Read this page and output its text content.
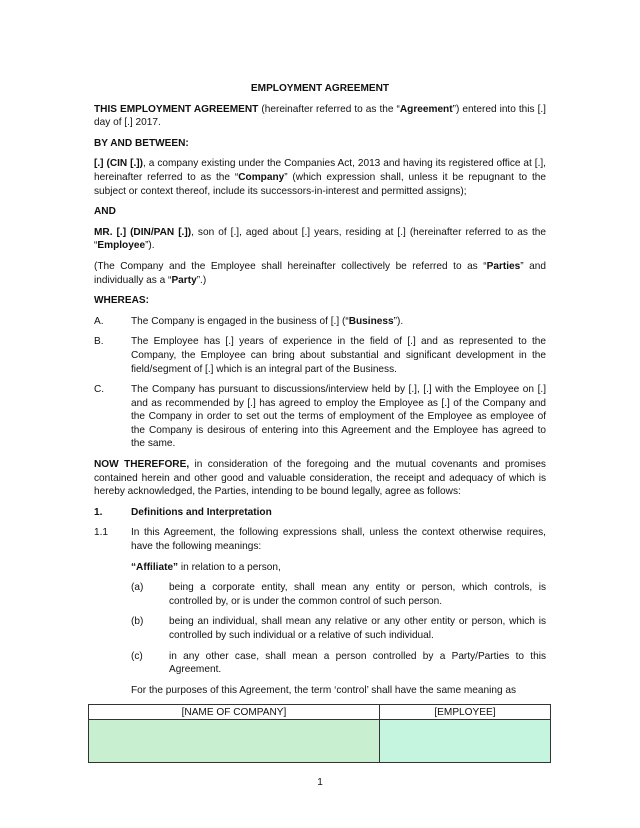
EMPLOYMENT AGREEMENT

THIS EMPLOYMENT AGREEMENT (hereinafter referred to as the “Agreement”) entered into this [.] day of [.] 2017.

BY AND BETWEEN:

[.] (CIN [.]), a company existing under the Companies Act, 2013 and having its registered office at [.], hereinafter referred to as the “Company” (which expression shall, unless it be repugnant to the subject or context thereof, include its successors-in-interest and permitted assigns);

AND

MR. [.] (DIN/PAN [.]), son of [.], aged about [.] years, residing at [.] (hereinafter referred to as the “Employee”).

(The Company and the Employee shall hereinafter collectively be referred to as “Parties” and individually as a “Party”.)

WHEREAS:

A.	The Company is engaged in the business of [.] (“Business”).
B.	The Employee has [.] years of experience in the field of [.] and as represented to the Company, the Employee can bring about substantial and significant development in the field/segment of [.] which is an integral part of the Business.
C.	The Company has pursuant to discussions/interview held by [.], [.] with the Employee on [.] and as recommended by [.] has agreed to employ the Employee as [.] of the Company and the Company in order to set out the terms of employment of the Employee as employee of the Company is desirous of entering into this Agreement and the Employee has agreed to the same.

NOW THEREFORE, in consideration of the foregoing and the mutual covenants and promises contained herein and other good and valuable consideration, the receipt and adequacy of which is hereby acknowledged, the Parties, intending to be bound legally, agree as follows:

1.	Definitions and Interpretation
1.1	In this Agreement, the following expressions shall, unless the context otherwise requires, have the following meanings:

“Affiliate” in relation to a person,

(a)	being a corporate entity, shall mean any entity or person, which controls, is controlled by, or is under the common control of such person.
(b)	being an individual, shall mean any relative or any other entity or person, which is controlled by such individual or a relative of such individual.
(c)	in any other case, shall mean a person controlled by a Party/Parties to this Agreement.

For the purposes of this Agreement, the term ‘control’ shall have the same meaning as

[NAME OF COMPANY]	[EMPLOYEE]

1
